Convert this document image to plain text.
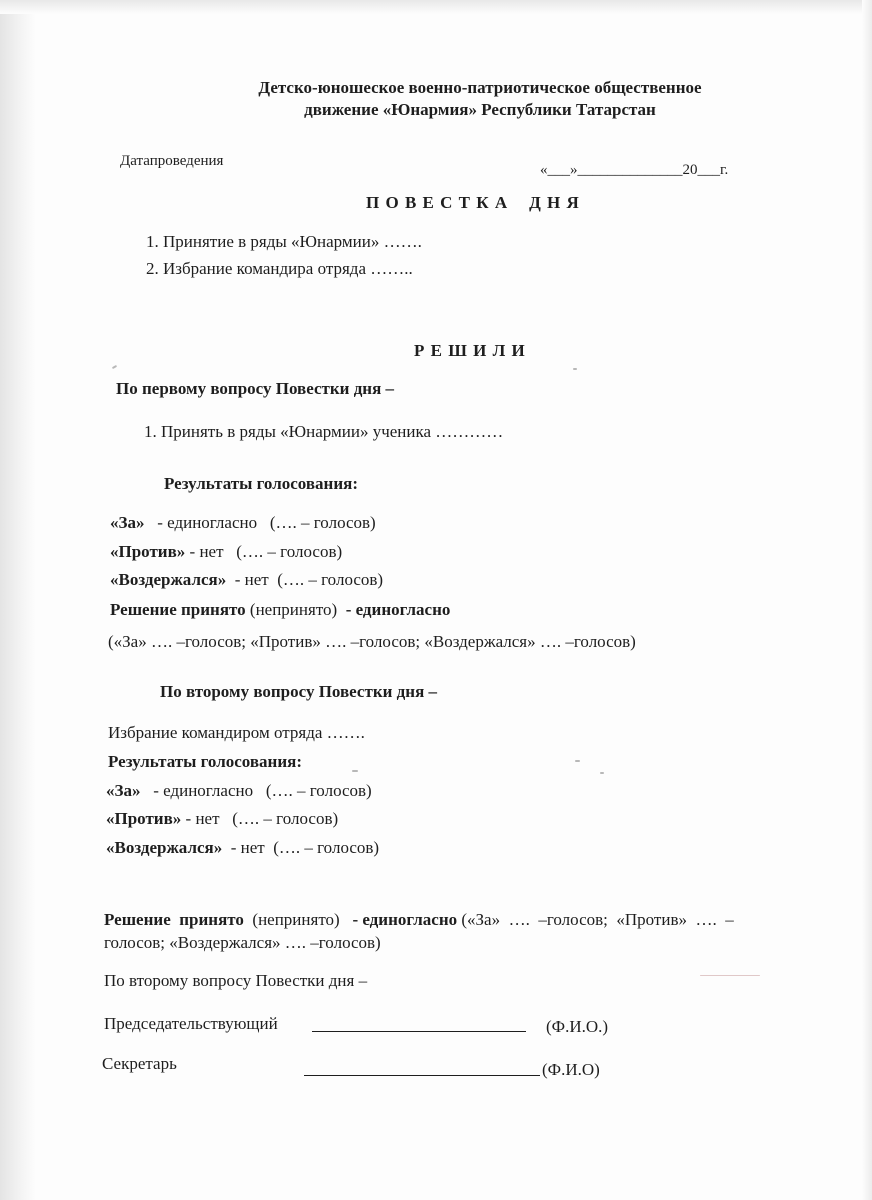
Детско-юношеское военно-патриотическое общественное
движение «Юнармия» Республики Татарстан
Датапроведения
«___»______________20___г.
П О В Е С Т К А    Д Н Я
1. Принятие в ряды «Юнармии» …….
2. Избрание командира отряда ……..
Р Е Ш И Л И
По первому вопросу Повестки дня –
1. Принять в ряды «Юнармии» ученика …………
Результаты голосования:
«За»   - единогласно   (…. – голосов)
«Против» - нет   (…. – голосов)
«Воздержался»  - нет  (…. – голосов)
Решение принято (непринято)  - единогласно
(«За» …. –голосов; «Против» …. –голосов; «Воздержался» …. –голосов)
По второму вопросу Повестки дня –
Избрание командиром отряда …….
Результаты голосования:
«За»   - единогласно   (…. – голосов)
«Против» - нет   (…. – голосов)
«Воздержался»  - нет  (…. – голосов)
Решение  принято  (непринято)   - единогласно («За»  ….  –голосов;  «Против»  ….  –
голосов; «Воздержался» …. –голосов)
По второму вопросу Повестки дня –
Председательствующий	(Ф.И.О.)
Секретарь	(Ф.И.О)
